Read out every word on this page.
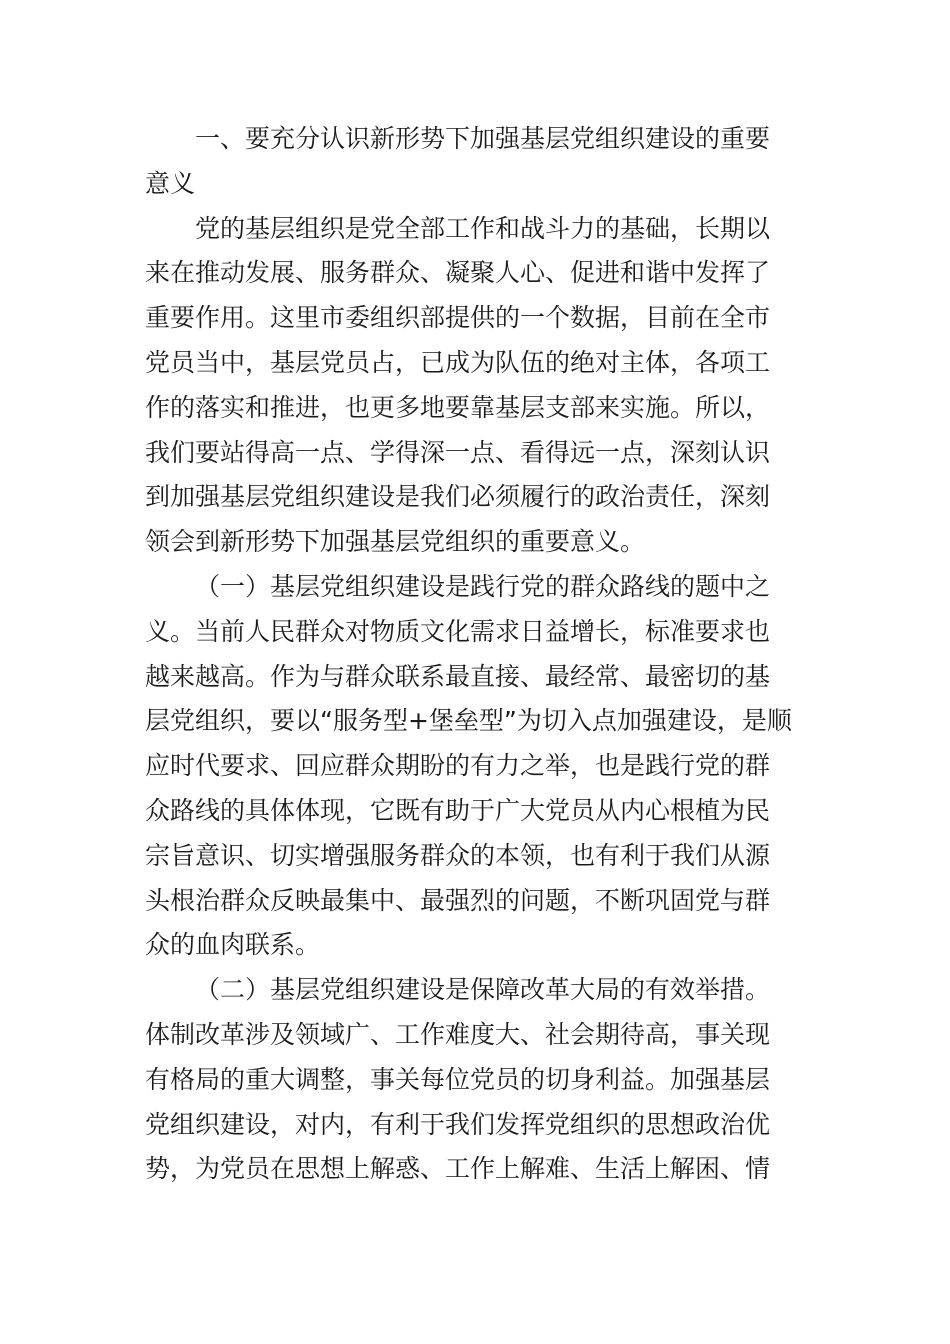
一、要充分认识新形势下加强基层党组织建设的重要
意义
党的基层组织是党全部工作和战斗力的基础，长期以
来在推动发展、服务群众、凝聚人心、促进和谐中发挥了
重要作用。这里市委组织部提供的一个数据，目前在全市
党员当中，基层党员占，已成为队伍的绝对主体，各项工
作的落实和推进，也更多地要靠基层支部来实施。所以，
我们要站得高一点、学得深一点、看得远一点，深刻认识
到加强基层党组织建设是我们必须履行的政治责任，深刻
领会到新形势下加强基层党组织的重要意义。
（一）基层党组织建设是践行党的群众路线的题中之
义。当前人民群众对物质文化需求日益增长，标准要求也
越来越高。作为与群众联系最直接、最经常、最密切的基
层党组织，要以“服务型+堡垒型”为切入点加强建设，是顺
应时代要求、回应群众期盼的有力之举，也是践行党的群
众路线的具体体现，它既有助于广大党员从内心根植为民
宗旨意识、切实增强服务群众的本领，也有利于我们从源
头根治群众反映最集中、最强烈的问题，不断巩固党与群
众的血肉联系。
（二）基层党组织建设是保障改革大局的有效举措。
体制改革涉及领域广、工作难度大、社会期待高，事关现
有格局的重大调整，事关每位党员的切身利益。加强基层
党组织建设，对内，有利于我们发挥党组织的思想政治优
势，为党员在思想上解惑、工作上解难、生活上解困、情
